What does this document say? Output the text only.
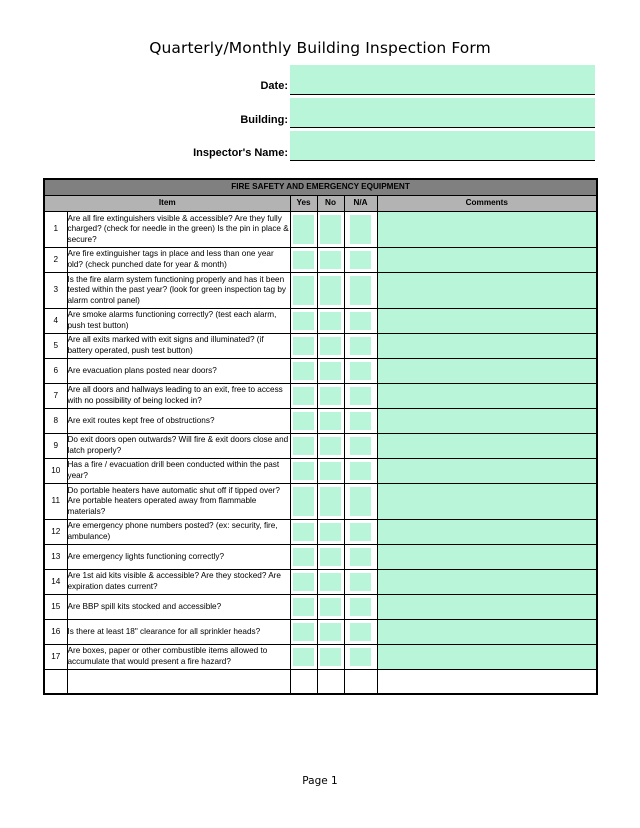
Quarterly/Monthly Building Inspection Form
Date:
Building:
Inspector's Name:
FIRE SAFETY AND EMERGENCY EQUIPMENT					
Item		Yes	No	N/A	Comments
1	Are all fire extinguishers visible & accessible? Are they fully charged? (check for needle in the green) Is the pin in place & secure?	

2	Are fire extinguisher tags in place and less than one year old? (check punched date for year & month)	

3	Is the fire alarm system functioning properly and has it been tested within the past year? (look for green inspection tag by alarm control panel)	

4	Are smoke alarms functioning correctly? (test each alarm, push test button)	

5	Are all exits marked with exit signs and illuminated? (if battery operated, push test button)	

6	Are evacuation plans posted near doors?	

7	Are all doors and hallways leading to an exit, free to access with no possibility of being locked in?	

8	Are exit routes kept free of obstructions?	

9	Do exit doors open outwards? Will fire & exit doors close and latch properly?	

10	Has a fire / evacuation drill been conducted within the past year?	

11	Do portable heaters have automatic shut off if tipped over? Are portable heaters operated away from flammable materials?	

12	Are emergency phone numbers posted? (ex: security, fire, ambulance)	

13	Are emergency lights functioning correctly?	

14	Are 1st aid kits visible & accessible? Are they stocked? Are expiration dates current?	

15	Are BBP spill kits stocked and accessible?	

16	Is there at least 18" clearance for all sprinkler heads?	

17	Are boxes, paper or other combustible items allowed to accumulate that would present a fire hazard?	

Page 1
